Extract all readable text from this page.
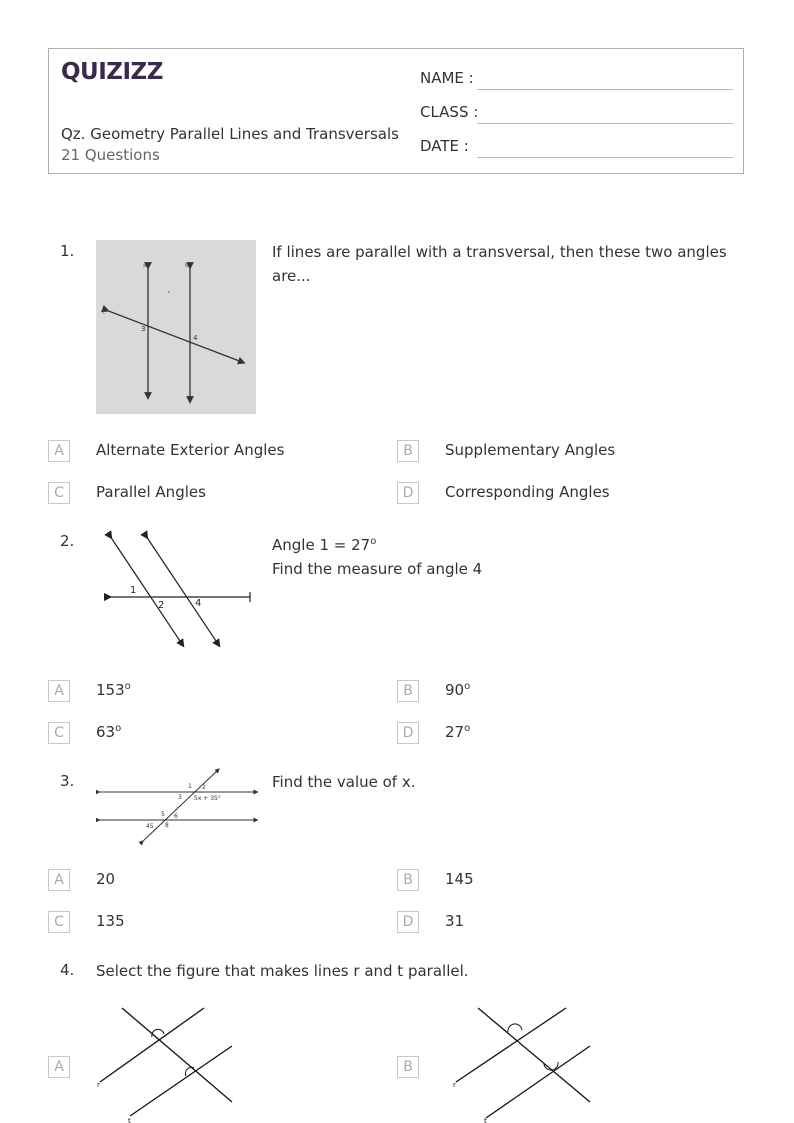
QUIZIZZ
Qz. Geometry Parallel Lines and Transversals
21 Questions
NAME :
CLASS :
DATE :
1.
a	b
t
3
4
If lines are parallel with a transversal, then these two angles are...
A	Alternate Exterior Angles	B	Supplementary Angles
C	Parallel Angles	D	Corresponding Angles
2.
1
2	4
Angle $1 = 27^o$
Find the measure of angle 4
A	153$^o$	B	90$^o$
C	63$^o$	D	27$^o$
3.	1 2
3 5x + 35°
5 6
45 8
Find the value of x.
A	20	B	145
C	135	D	31
4. Select the figure that makes lines r and t parallel.
A
r
t
B
r
t
